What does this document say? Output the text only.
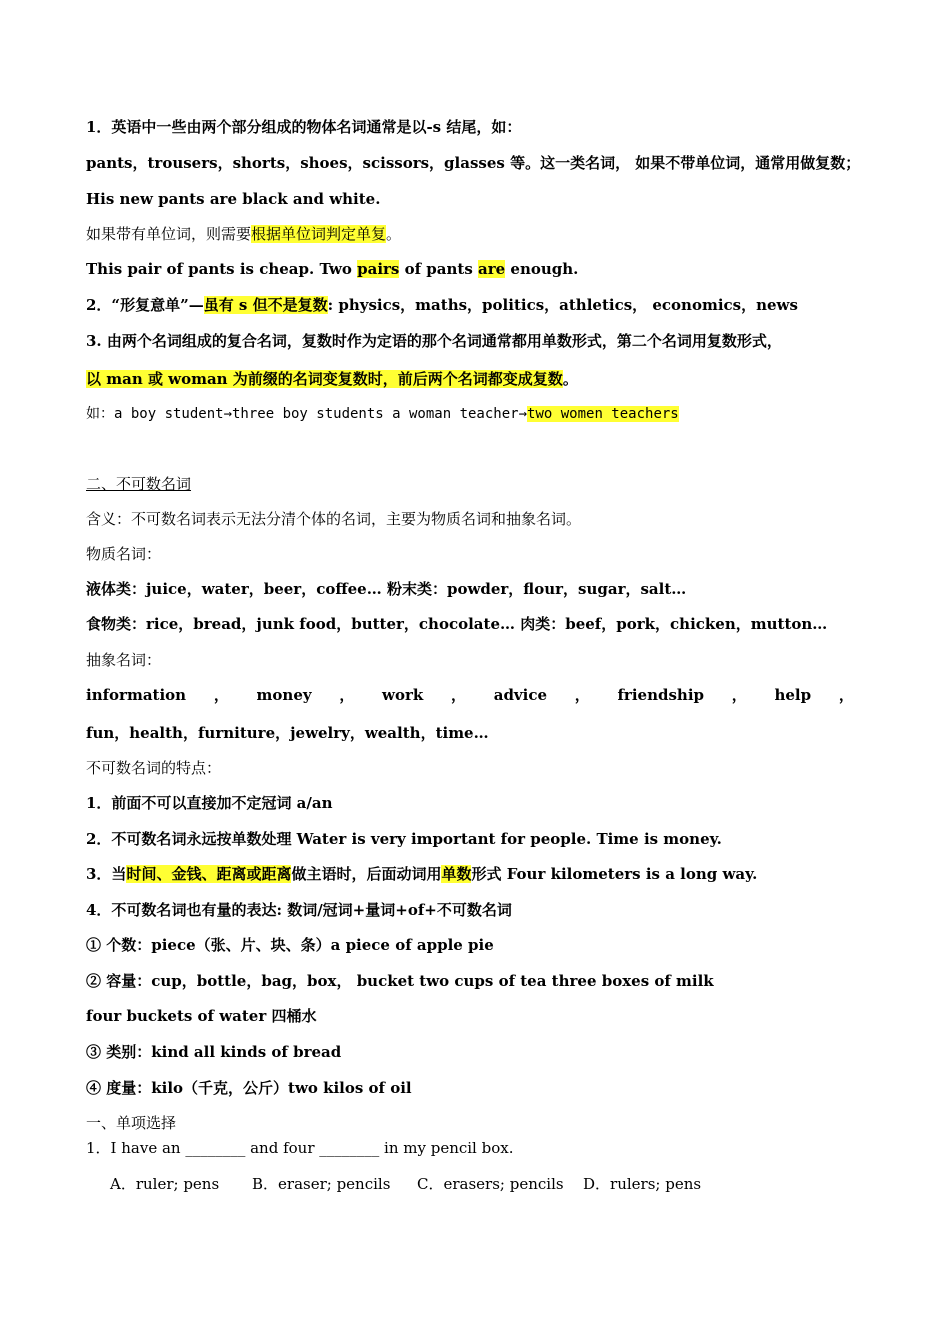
1．英语中一些由两个部分组成的物体名词通常是以-s 结尾，如：
pants，trousers，shorts，shoes，scissors，glasses 等。这一类名词， 如果不带单位词，通常用做复数；
His new pants are black and white.
如果带有单位词，则需要根据单位词判定单复。
This pair of pants is cheap. Two pairs of pants are enough.
2．“形复意单”—虽有 s 但不是复数: physics，maths，politics，athletics， economics，news
3. 由两个名词组成的复合名词，复数时作为定语的那个名词通常都用单数形式，第二个名词用复数形式，
以 man 或 woman 为前缀的名词变复数时，前后两个名词都变成复数。
如：a boy student→three boy students a woman teacher→two women teachers
二、不可数名词
含义：不可数名词表示无法分清个体的名词，主要为物质名词和抽象名词。
物质名词：
液体类：juice，water，beer，coffee… 粉末类：powder，flour，sugar，salt…
食物类：rice，bread，junk food，butter，chocolate… 肉类：beef，pork，chicken，mutton…
抽象名词：
information ， money ， work ， advice ， friendship ， help ，
fun，health，furniture，jewelry，wealth，time…
不可数名词的特点：
1．前面不可以直接加不定冠词 a/an
2．不可数名词永远按单数处理 Water is very important for people. Time is money.
3．当时间、金钱、距离或距离做主语时，后面动词用单数形式 Four kilometers is a long way.
4．不可数名词也有量的表达: 数词/冠词+量词+of+不可数名词
① 个数：piece（张、片、块、条）a piece of apple pie
② 容量：cup，bottle，bag，box， bucket two cups of tea three boxes of milk
four buckets of water 四桶水
③ 类别：kind all kinds of bread
④ 度量：kilo（千克，公斤）two kilos of oil
一、单项选择
1．I have an ________ and four ________ in my pencil box.
A．ruler; pens B．eraser; pencils C．erasers; pencils D．rulers; pens
